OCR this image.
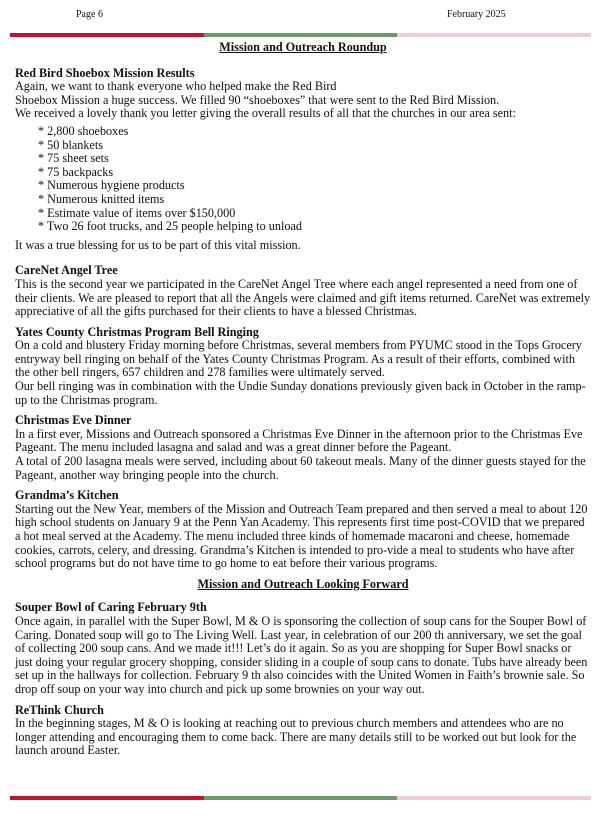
Page 6	February 2025
Mission and Outreach Roundup
Red Bird Shoebox Mission Results

Again, we want to thank everyone who helped make the Red Bird

Shoebox Mission a huge success. We filled 90 “shoeboxes” that were sent to the Red Bird Mission.

We received a lovely thank you letter giving the overall results of all that the churches in our area sent:

* 2,800 shoeboxes
* 50 blankets
* 75 sheet sets
* 75 backpacks
* Numerous hygiene products
* Numerous knitted items
* Estimate value of items over $150,000
* Two 26 foot trucks, and 25 people helping to unload

It was a true blessing for us to be part of this vital mission.

CareNet Angel Tree

This is the second year we participated in the CareNet Angel Tree where each angel represented a need from one of their clients. We are pleased to report that all the Angels were claimed and gift items returned. CareNet was extremely appreciative of all the gifts purchased for their clients to have a blessed Christmas.

Yates County Christmas Program Bell Ringing

On a cold and blustery Friday morning before Christmas, several members from PYUMC stood in the Tops Grocery entryway bell ringing on behalf of the Yates County Christmas Program. As a result of their efforts, combined with the other bell ringers, 657 children and 278 families were ultimately served.

Our bell ringing was in combination with the Undie Sunday donations previously given back in October in the ramp-up to the Christmas program.

Christmas Eve Dinner

In a first ever, Missions and Outreach sponsored a Christmas Eve Dinner in the afternoon prior to the Christmas Eve Pageant. The menu included lasagna and salad and was a great dinner before the Pageant.

A total of 200 lasagna meals were served, including about 60 takeout meals. Many of the dinner guests stayed for the Pageant, another way bringing people into the church.

Grandma’s Kitchen

Starting out the New Year, members of the Mission and Outreach Team prepared and then served a meal to about 120 high school students on January 9 at the Penn Yan Academy. This represents first time post-COVID that we prepared a hot meal served at the Academy. The menu included three kinds of homemade macaroni and cheese, homemade cookies, carrots, celery, and dressing. Grandma’s Kitchen is intended to pro-vide a meal to students who have after school programs but do not have time to go home to eat before their various programs.

Mission and Outreach Looking Forward
Souper Bowl of Caring February 9th

Once again, in parallel with the Super Bowl, M & O is sponsoring the collection of soup cans for the Souper Bowl of Caring. Donated soup will go to The Living Well. Last year, in celebration of our 200 th anniversary, we set the goal of collecting 200 soup cans. And we made it!!! Let’s do it again. So as you are shopping for Super Bowl snacks or just doing your regular grocery shopping, consider sliding in a couple of soup cans to donate. Tubs have already been set up in the hallways for collection. February 9 th also coincides with the United Women in Faith’s brownie sale. So drop off soup on your way into church and pick up some brownies on your way out.

ReThink Church

In the beginning stages, M & O is looking at reaching out to previous church members and attendees who are no longer attending and encouraging them to come back. There are many details still to be worked out but look for the launch around Easter.
